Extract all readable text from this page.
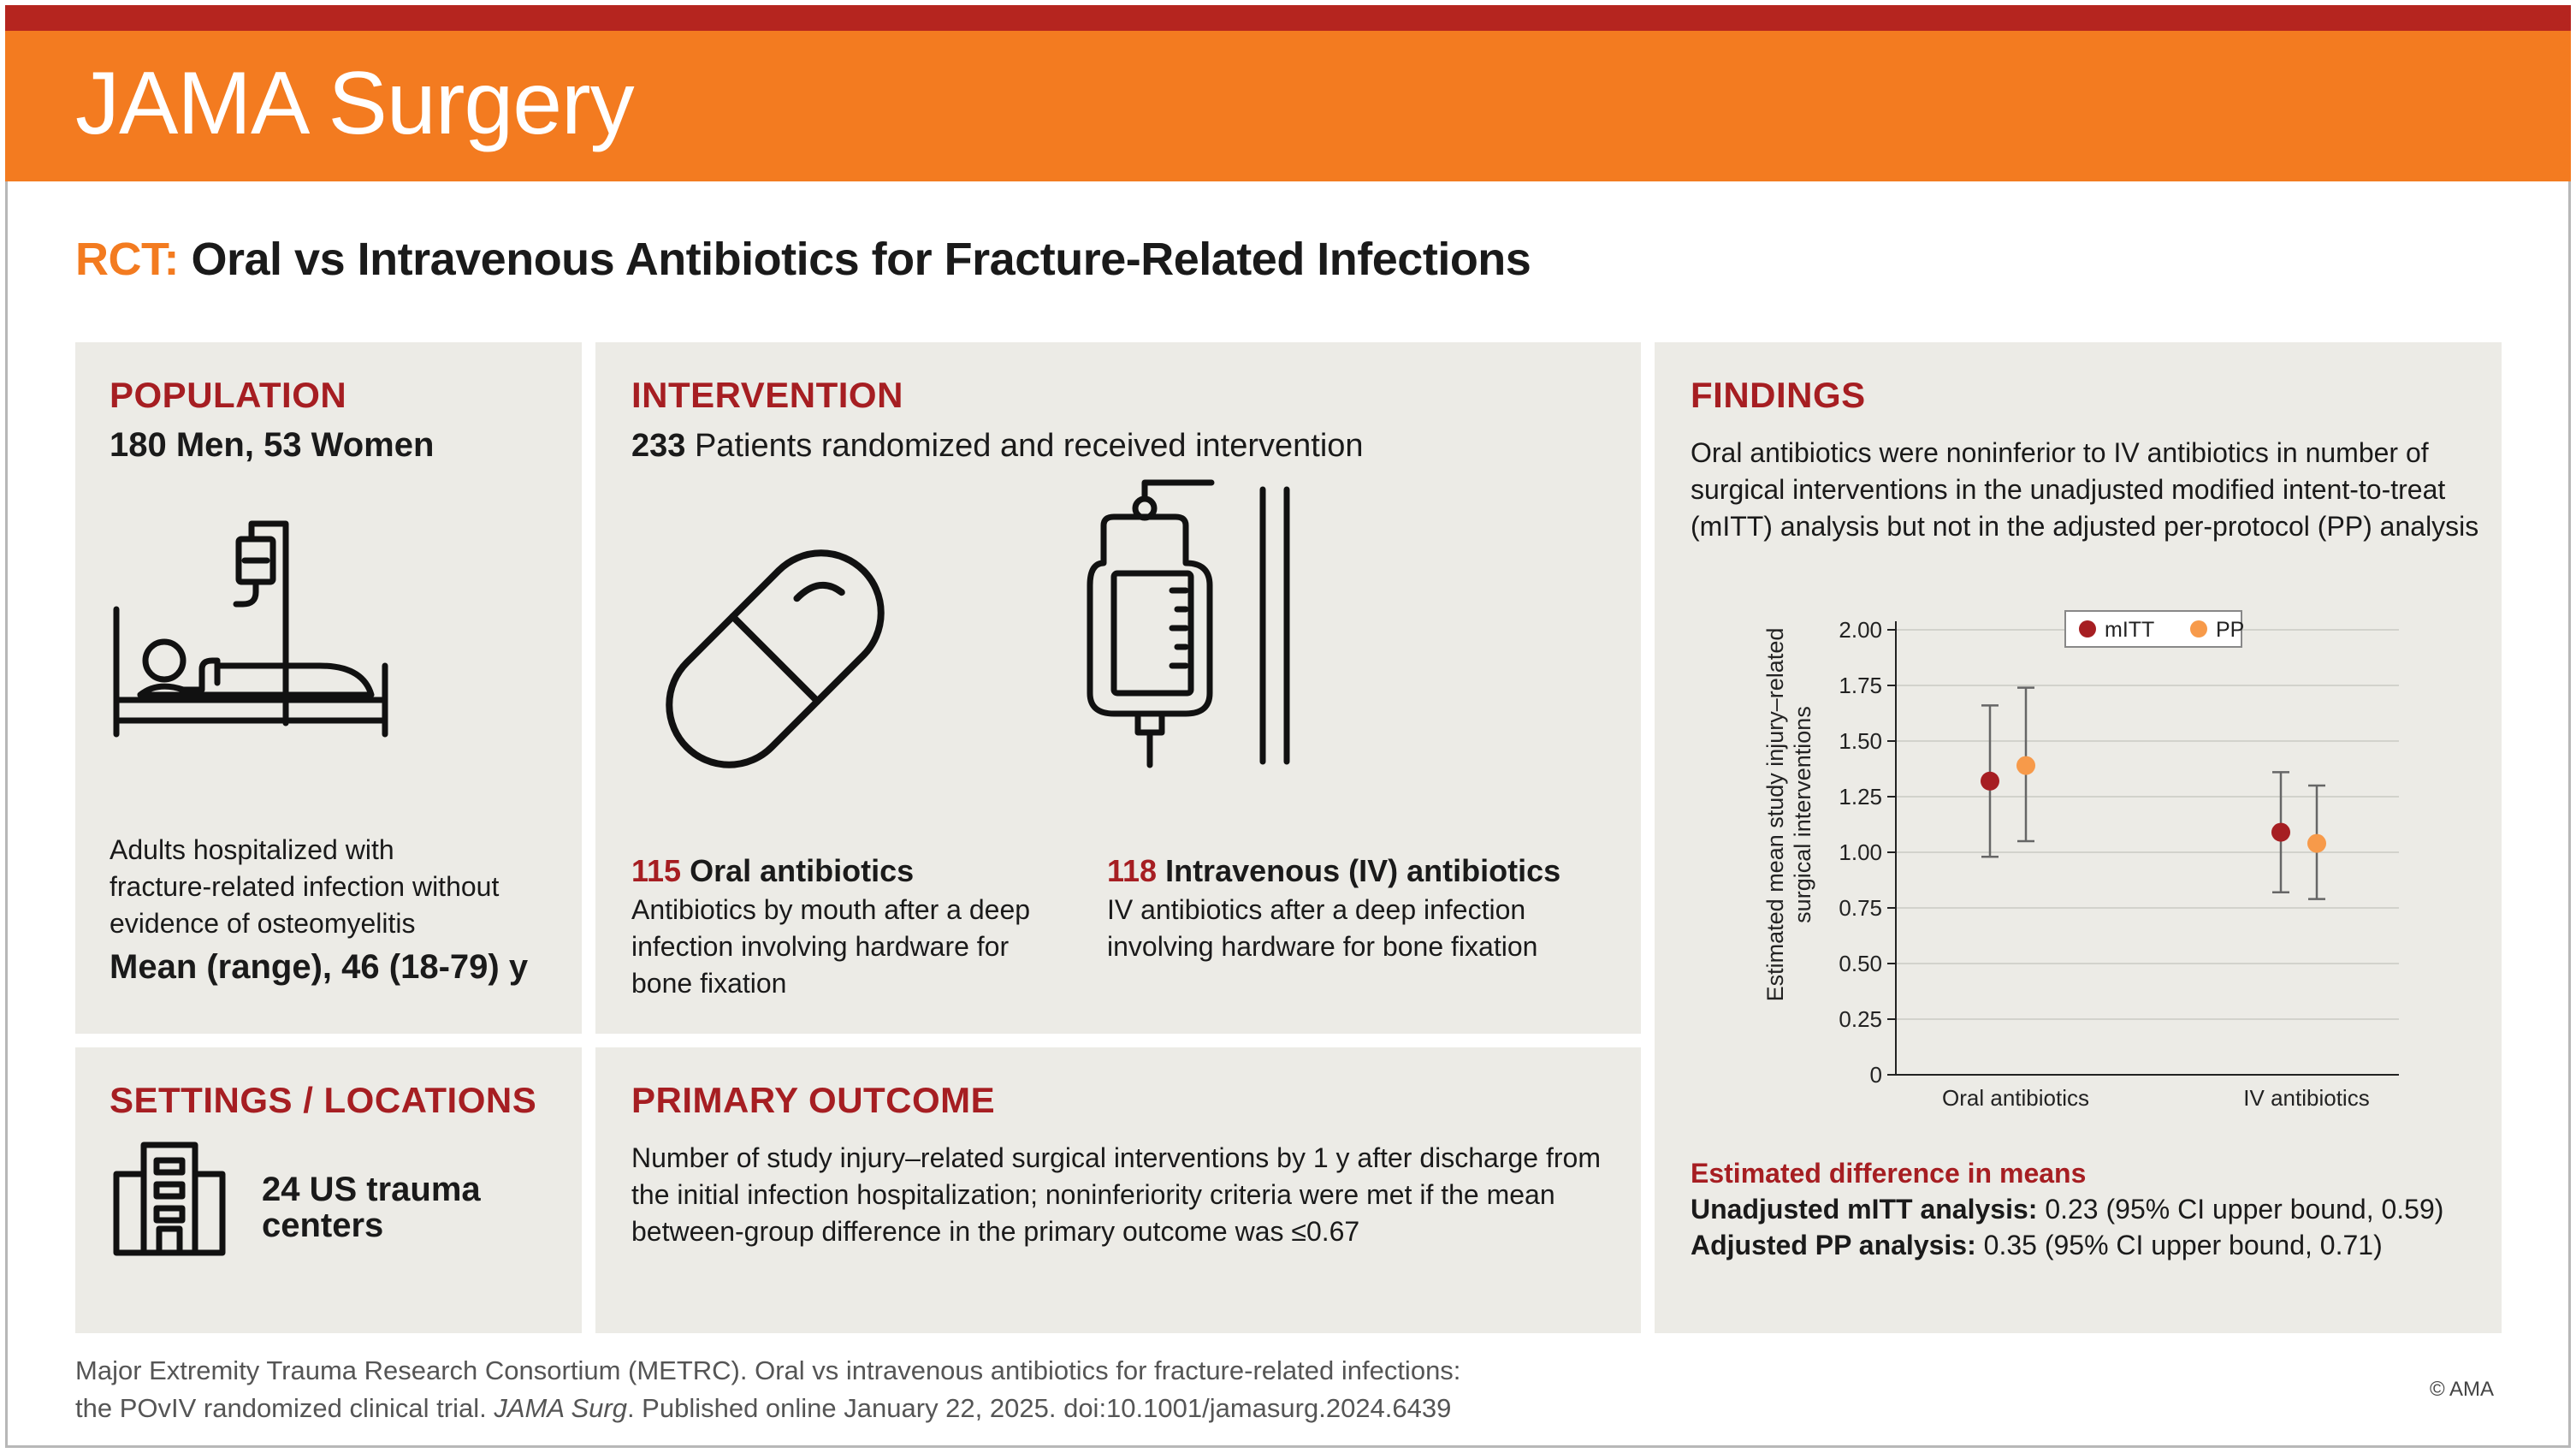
JAMA Surgery
RCT: Oral vs Intravenous Antibiotics for Fracture-Related Infections
POPULATION
180 Men, 53 Women
Adults hospitalized with
fracture-related infection without
evidence of osteomyelitis
Mean (range), 46 (18-79) y
INTERVENTION
233 Patients randomized and received intervention
115 Oral antibiotics
Antibiotics by mouth after a deep
infection involving hardware for
bone fixation
118 Intravenous (IV) antibiotics
IV antibiotics after a deep infection
involving hardware for bone fixation
SETTINGS / LOCATIONS
24 US trauma
centers
PRIMARY OUTCOME
Number of study injury–related surgical interventions by 1 y after discharge from
the initial infection hospitalization; noninferiority criteria were met if the mean
between-group difference in the primary outcome was ≤0.67
FINDINGS
Oral antibiotics were noninferior to IV antibiotics in number of
surgical interventions in the unadjusted modified intent-to-treat
(mITT) analysis but not in the adjusted per-protocol (PP) analysis
2.00
1.75
1.50
1.25
1.00
0.75
0.50
0.25
0
Oral antibiotics	IV antibiotics
mITT	PP
Estimated mean study injury–related surgical interventions
Estimated difference in means
Unadjusted mITT analysis: 0.23 (95% CI upper bound, 0.59)
Adjusted PP analysis: 0.35 (95% CI upper bound, 0.71)
Major Extremity Trauma Research Consortium (METRC). Oral vs intravenous antibiotics for fracture-related infections:
the POvIV randomized clinical trial. JAMA Surg. Published online January 22, 2025. doi:10.1001/jamasurg.2024.6439
© AMA
